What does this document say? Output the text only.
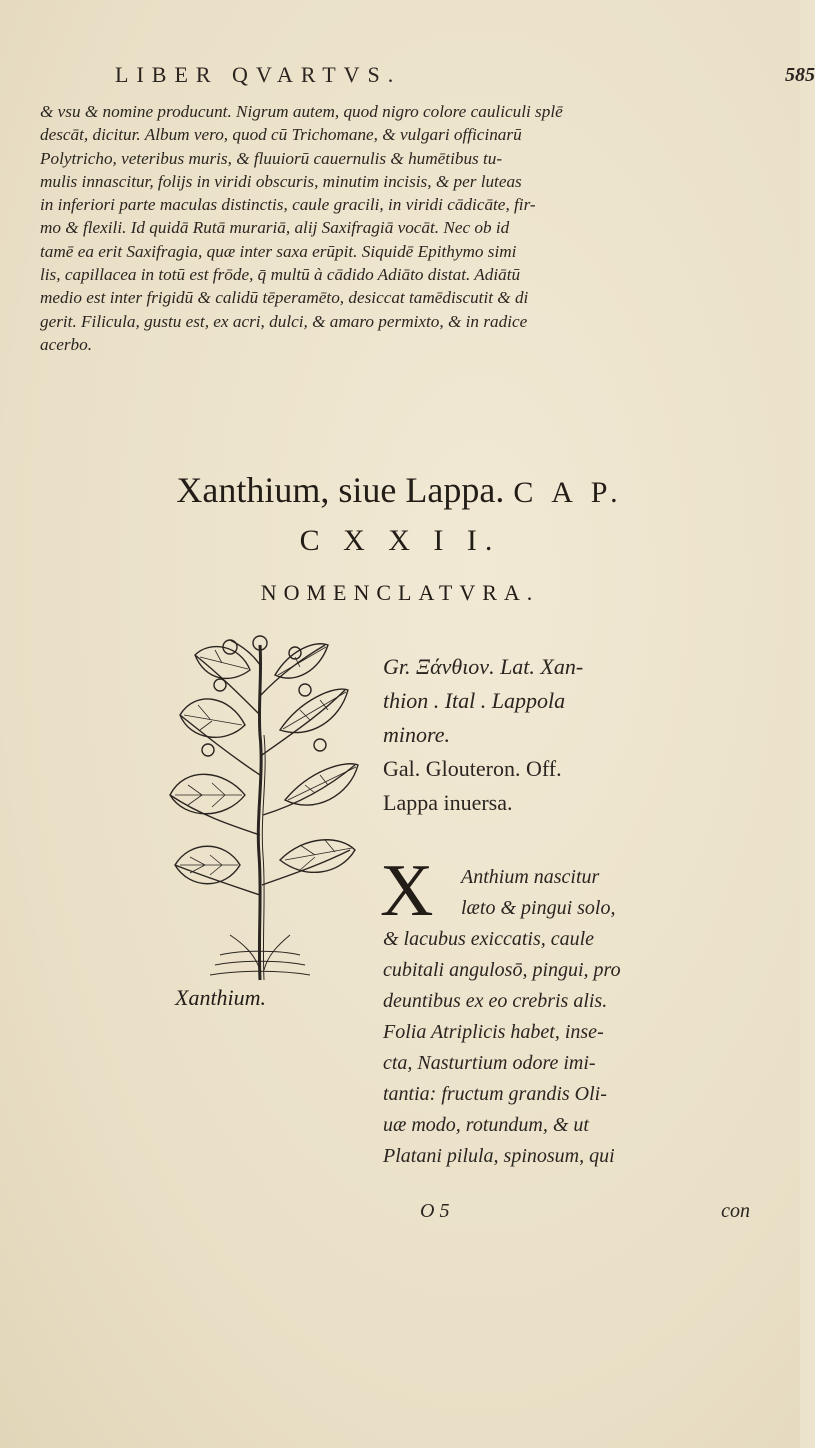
LIBER QVARTVS.	585
& vsu & nomine producunt. Nigrum autem, quod nigro colore cauliculi splē
descāt, dicitur. Album vero, quod cū Trichomane, & vulgari officinarū
Polytricho, veteribus muris, & fluuiorū cauernulis & humētibus tu-
mulis innascitur, folijs in viridi obscuris, minutim incisis, & per luteas
in inferiori parte maculas distinctis, caule gracili, in viridi cādicāte, fir-
mo & flexili. Id quidā Rutā murariā, alij Saxifragiā vocāt. Nec ob id
tamē ea erit Saxifragia, quæ inter saxa erūpit. Siquidē Epithymo simi
lis, capillacea in totū est frōde, q̄ multū à cādido Adiāto distat. Adiātū
medio est inter frigidū & calidū tēperamēto, desiccat tamēdiscutit & di
gerit. Filicula, gustu est, ex acri, dulci, & amaro permixto, & in radice
acerbo.
Xanthium, siue Lappa. C A P.
C X X I I.
NOMENCLATVRA.
Xanthium.
Gr. Ξάνθιον. Lat. Xan-
thion . Ital . Lappola
minore.
Gal. Glouteron. Off.
Lappa inuersa.
X	Anthium nascitur
læto & pingui solo,
& lacubus exiccatis, caule
cubitali angulosō, pingui, pro
deuntibus ex eo crebris alis.
Folia Atriplicis habet, inse-
cta, Nasturtium odore imi-
tantia: fructum grandis Oli-
uæ modo, rotundum, & ut
Platani pilula, spinosum, qui
O 5	con
